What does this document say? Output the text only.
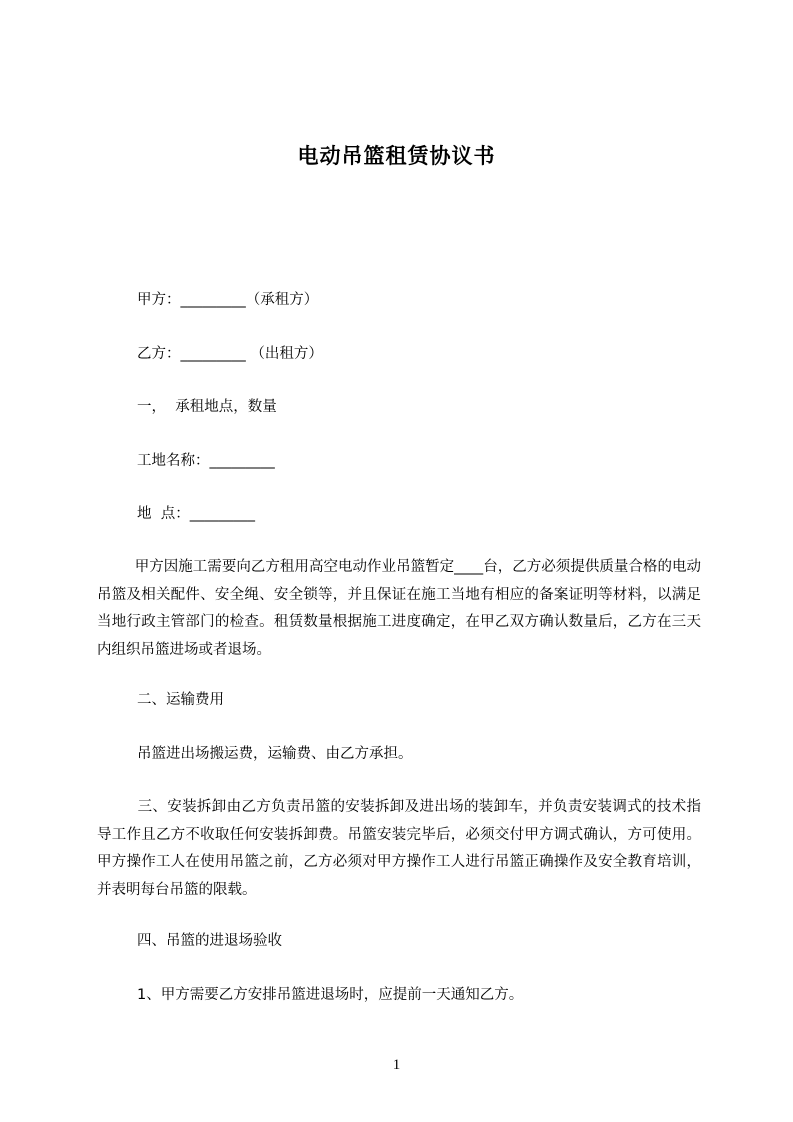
电动吊篮租赁协议书
甲方：_________（承租方）
乙方：_________ （出租方）
一，  承租地点，数量
工地名称：_________
地  点：_________
甲方因施工需要向乙方租用高空电动作业吊篮暂定____台，乙方必须提供质量合格的电动吊篮及相关配件、安全绳、安全锁等，并且保证在施工当地有相应的备案证明等材料，以满足当地行政主管部门的检查。租赁数量根据施工进度确定，在甲乙双方确认数量后，乙方在三天内组织吊篮进场或者退场。
二、运输费用
吊篮进出场搬运费，运输费、由乙方承担。
三、安装拆卸由乙方负责吊篮的安装拆卸及进出场的装卸车，并负责安装调式的技术指导工作且乙方不收取任何安装拆卸费。吊篮安装完毕后，必须交付甲方调式确认，方可使用。甲方操作工人在使用吊篮之前，乙方必须对甲方操作工人进行吊篮正确操作及安全教育培训，并表明每台吊篮的限载。
四、吊篮的进退场验收
1、甲方需要乙方安排吊篮进退场时，应提前一天通知乙方。
1
